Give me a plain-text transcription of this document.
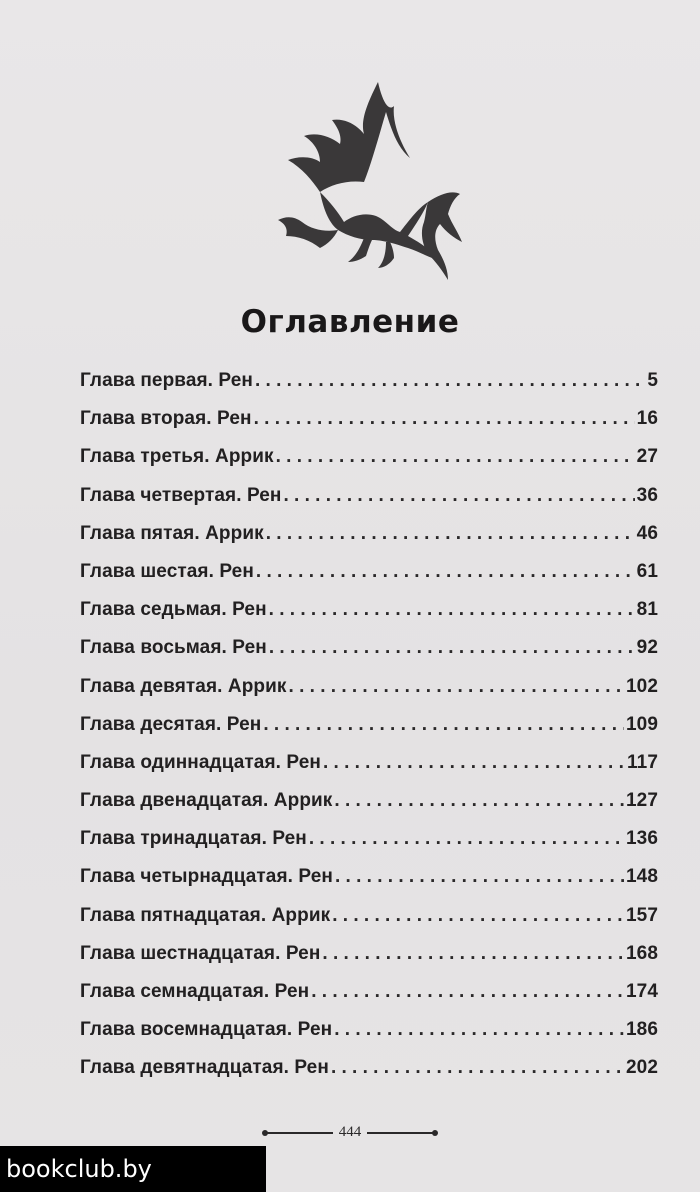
Оглавление
Глава первая. Рен . . .	5
Глава вторая. Рен . . .	16
Глава третья. Аррик . . .	27
Глава четвертая. Рен . . .	36
Глава пятая. Аррик . . .	46
Глава шестая. Рен . . .	61
Глава седьмая. Рен . . .	81
Глава восьмая. Рен . . .	92
Глава девятая. Аррик . . .	102
Глава десятая. Рен . . .	109
Глава одиннадцатая. Рен . . .	117
Глава двенадцатая. Аррик . . .	127
Глава тринадцатая. Рен . . .	136
Глава четырнадцатая. Рен . . .	148
Глава пятнадцатая. Аррик . . .	157
Глава шестнадцатая. Рен . . .	168
Глава семнадцатая. Рен . . .	174
Глава восемнадцатая. Рен . . .	186
Глава девятнадцатая. Рен . . .	202
444
bookclub.by
